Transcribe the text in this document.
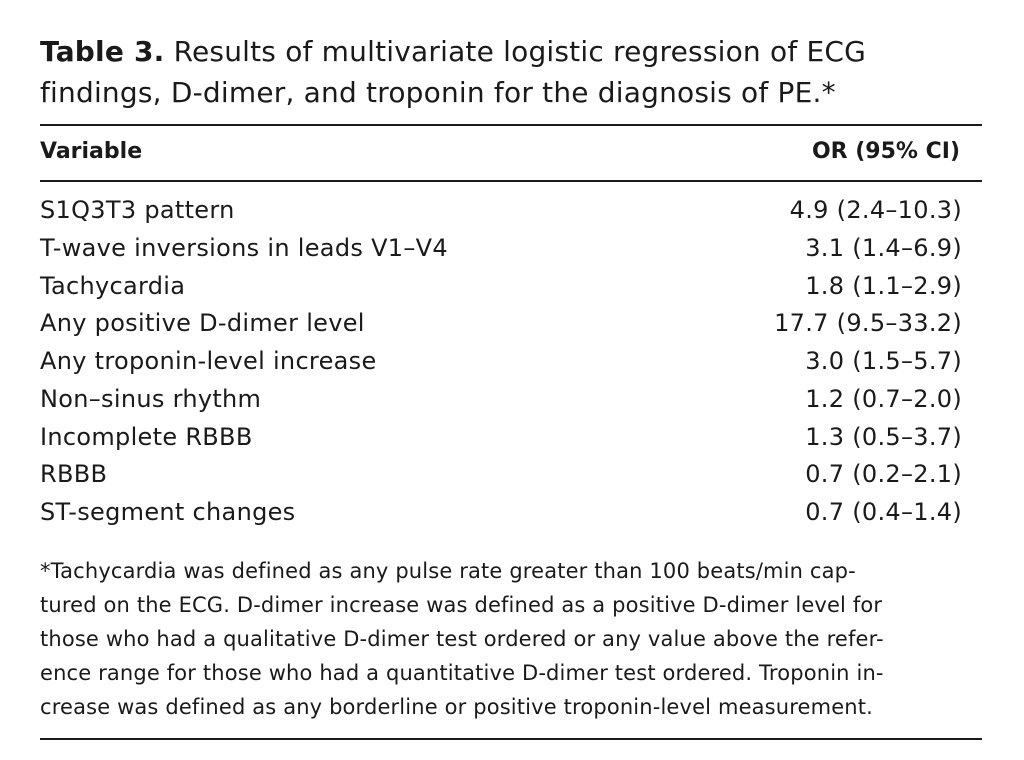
Table 3. Results of multivariate logistic regression of ECG
findings, D-dimer, and troponin for the diagnosis of PE.*
Variable	OR (95% CI)
S1Q3T3 pattern	4.9 (2.4–10.3)
T-wave inversions in leads V1–V4	3.1 (1.4–6.9)
Tachycardia	1.8 (1.1–2.9)
Any positive D-dimer level	17.7 (9.5–33.2)
Any troponin-level increase	3.0 (1.5–5.7)
Non–sinus rhythm	1.2 (0.7–2.0)
Incomplete RBBB	1.3 (0.5–3.7)
RBBB	0.7 (0.2–2.1)
ST-segment changes	0.7 (0.4–1.4)
*Tachycardia was defined as any pulse rate greater than 100 beats/min cap-
tured on the ECG. D-dimer increase was defined as a positive D-dimer level for
those who had a qualitative D-dimer test ordered or any value above the refer-
ence range for those who had a quantitative D-dimer test ordered. Troponin in-
crease was defined as any borderline or positive troponin-level measurement.
